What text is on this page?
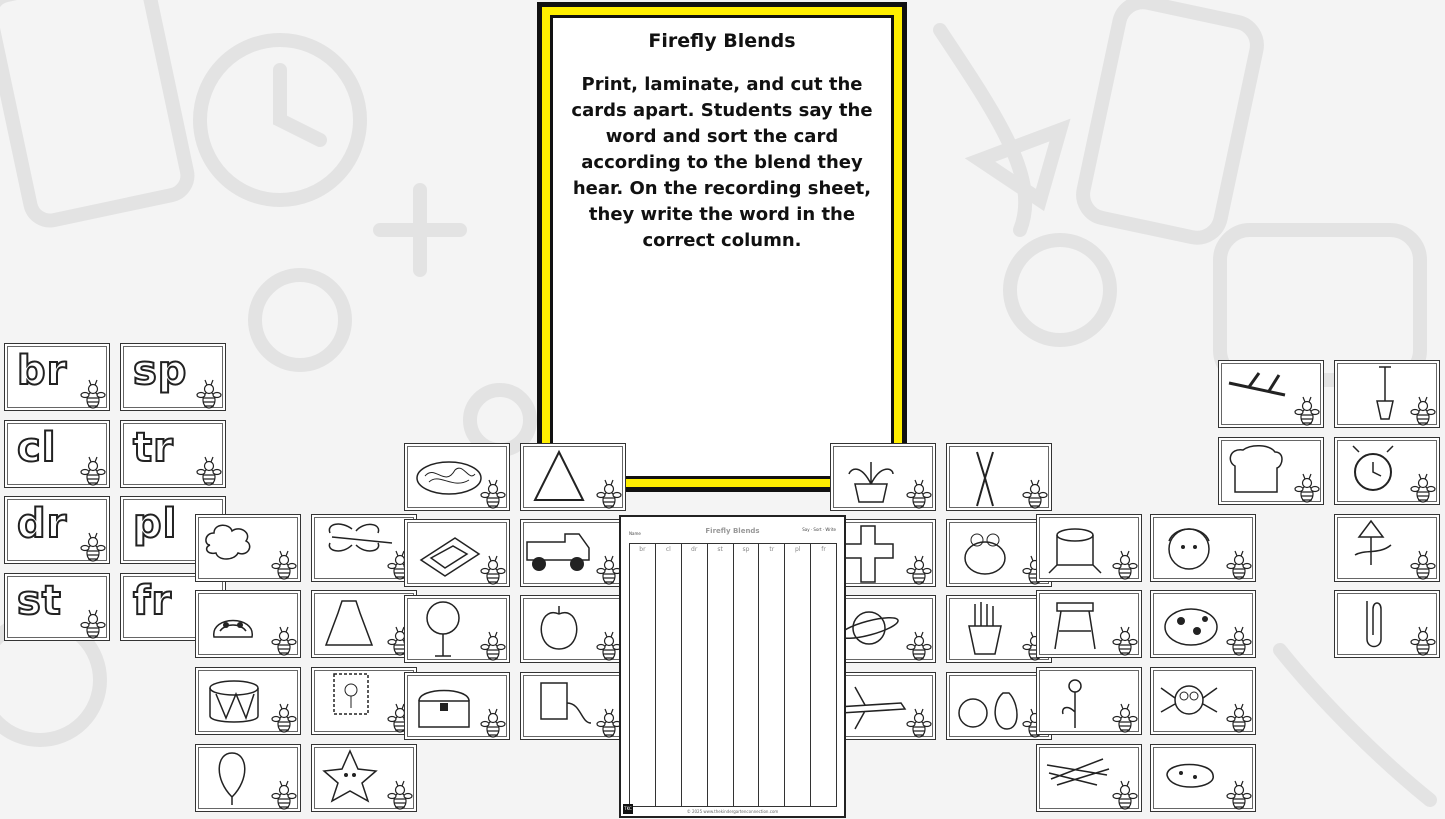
Firefly Blends

Print, laminate, and cut the cards apart. Students say the word and sort the card according to the blend they hear. On the recording sheet, they write the word in the correct column.

br sp
cl tr
dr pl
st fr
Name	Firefly Blends	Say · Sort · Write
br	cl	dr	st	sp	tr	pl	fr
TKC
© 2025 www.thekindergartenconnection.com
